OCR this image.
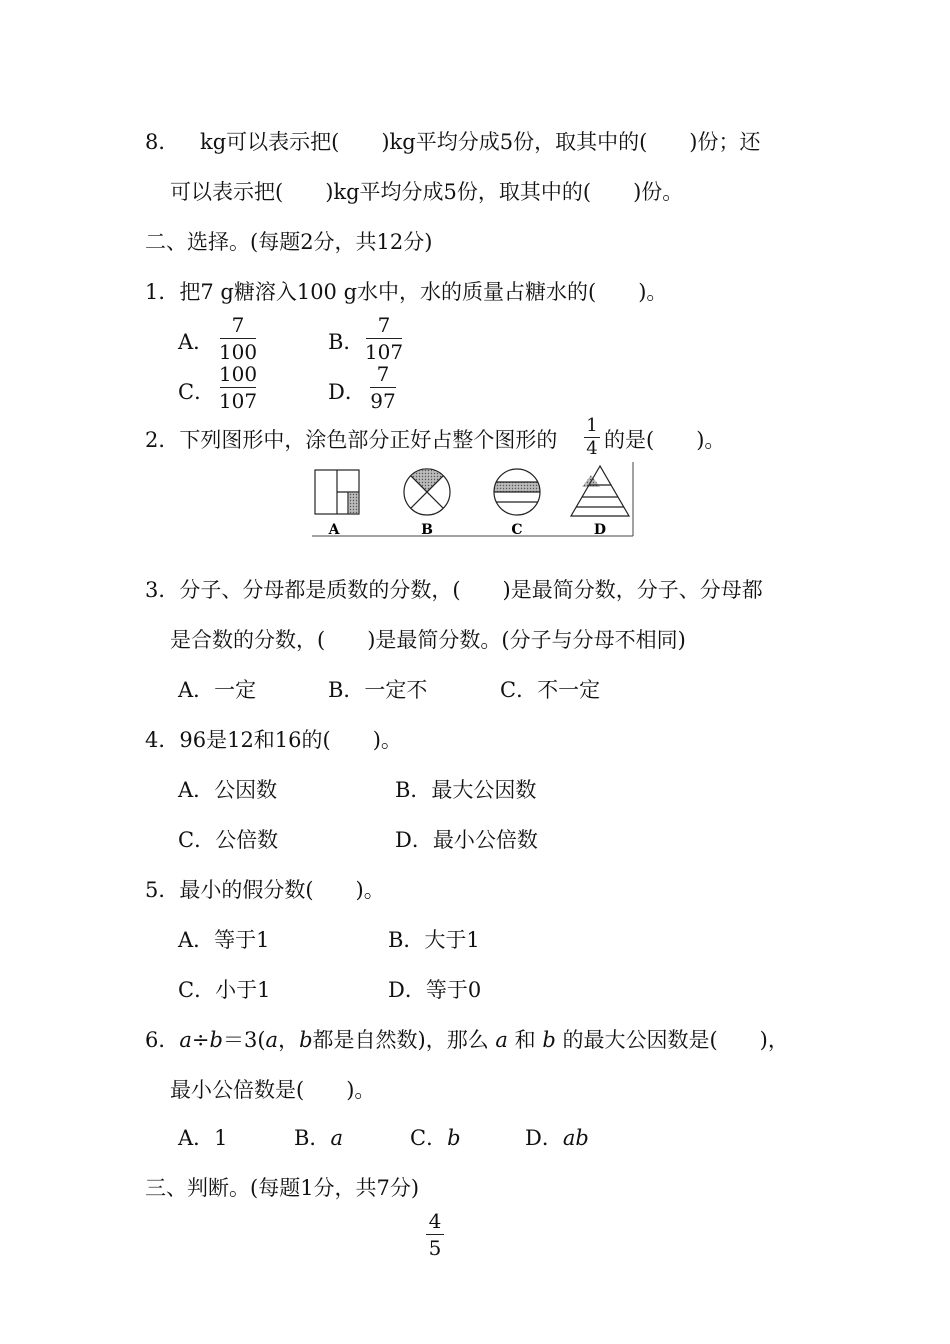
8． kg可以表示把(　　)kg平均分成5份，取其中的(　　)份；还
可以表示把(　　)kg平均分成5份，取其中的(　　)份。
二、选择。(每题2分，共12分)
1．把7 g糖溶入100 g水中，水的质量占糖水的(　　)。
A．
7
100	B．
7
107
C．
100
107	D．
7
97
2．下列图形中，涂色部分正好占整个图形的
1
4 的是(　　)。
A	B	C	D
3．分子、分母都是质数的分数，(　　)是最简分数，分子、分母都
是合数的分数，(　　)是最简分数。(分子与分母不相同)
A．一定	B．一定不	C．不一定
4．96是12和16的(　　)。
A．公因数	B．最大公因数
C．公倍数	D．最小公倍数
5．最小的假分数(　　)。
A．等于1	B．大于1
C．小于1	D．等于0
6．a÷b＝3(a，b都是自然数)，那么 a 和 b 的最大公因数是(　　)，
最小公倍数是(　　)。
A．1	B．a	C．b	D．ab
三、判断。(每题1分，共7分)
4
5
